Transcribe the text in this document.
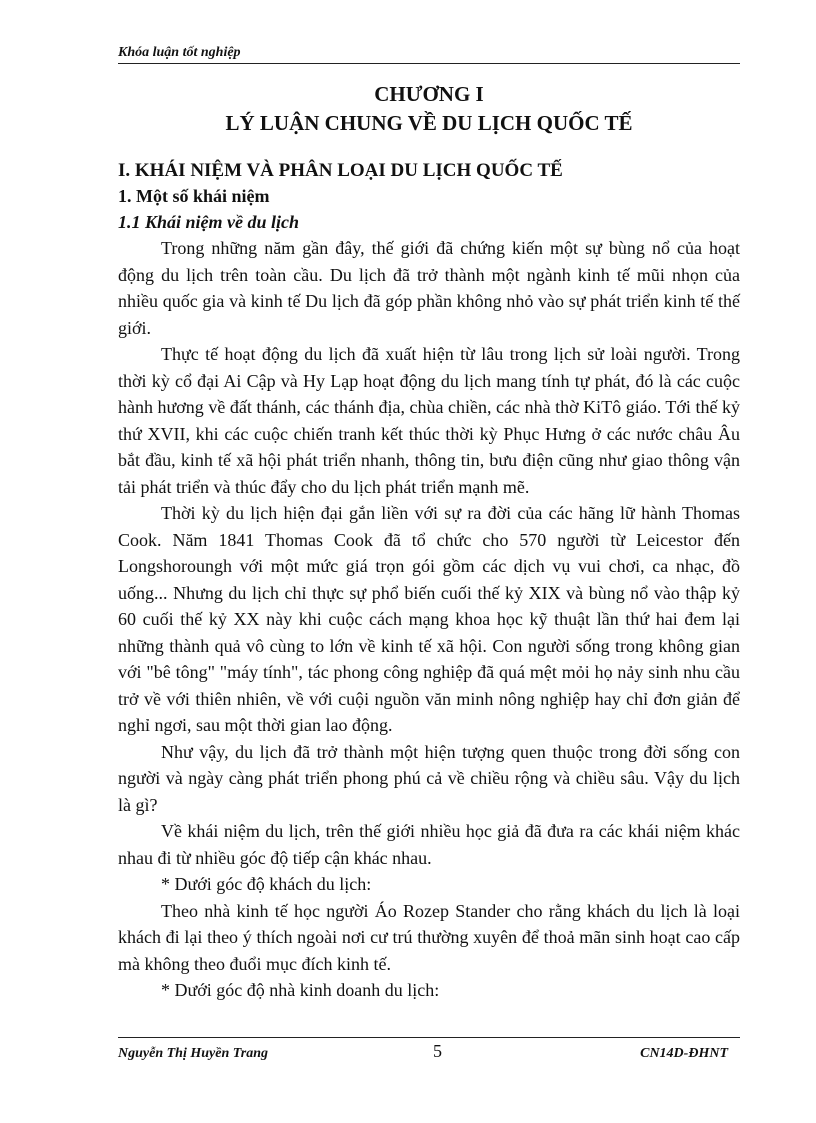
Khóa luận tốt nghiệp
CHƯƠNG I
LÝ LUẬN CHUNG VỀ DU LỊCH QUỐC TẾ
I. KHÁI NIỆM VÀ PHÂN LOẠI DU LỊCH QUỐC TẾ
1. Một số khái niệm
1.1 Khái niệm về du lịch

Trong những năm gần đây, thế giới đã chứng kiến một sự bùng nổ của hoạt động du lịch trên toàn cầu. Du lịch đã trở thành một ngành kinh tế mũi nhọn của nhiều quốc gia và kinh tế Du lịch đã góp phần không nhỏ vào sự phát triển kinh tế thế giới.

Thực tế hoạt động du lịch đã xuất hiện từ lâu trong lịch sử loài người. Trong thời kỳ cổ đại Ai Cập và Hy Lạp hoạt động du lịch mang tính tự phát, đó là các cuộc hành hương về đất thánh, các thánh địa, chùa chiền, các nhà thờ KiTô giáo. Tới thế kỷ thứ XVII, khi các cuộc chiến tranh kết thúc thời kỳ Phục Hưng ở các nước châu Âu bắt đầu, kinh tế xã hội phát triển nhanh, thông tin, bưu điện cũng như giao thông vận tải phát triển và thúc đẩy cho du lịch phát triển mạnh mẽ.

Thời kỳ du lịch hiện đại gắn liền với sự ra đời của các hãng lữ hành Thomas Cook. Năm 1841 Thomas Cook đã tổ chức cho 570 người từ Leicestor đến Longshoroungh với một mức giá trọn gói gồm các dịch vụ vui chơi, ca nhạc, đồ uống... Nhưng du lịch chỉ thực sự phổ biến cuối thế kỷ XIX và bùng nổ vào thập kỷ 60 cuối thế kỷ XX này khi cuộc cách mạng khoa học kỹ thuật lần thứ hai đem lại những thành quả vô cùng to lớn về kinh tế xã hội. Con người sống trong không gian với "bê tông" "máy tính", tác phong công nghiệp đã quá mệt mỏi họ nảy sinh nhu cầu trở về với thiên nhiên, về với cuội nguồn văn minh nông nghiệp hay chỉ đơn giản để nghỉ ngơi, sau một thời gian lao động.

Như vậy, du lịch đã trở thành một hiện tượng quen thuộc trong đời sống con người và ngày càng phát triển phong phú cả về chiều rộng và chiều sâu. Vậy du lịch là gì?

Về khái niệm du lịch, trên thế giới nhiều học giả đã đưa ra các khái niệm khác nhau đi từ nhiều góc độ tiếp cận khác nhau.

* Dưới góc độ khách du lịch:

Theo nhà kinh tế học người Áo Rozep Stander cho rằng khách du lịch là loại khách đi lại theo ý thích ngoài nơi cư trú thường xuyên để thoả mãn sinh hoạt cao cấp mà không theo đuổi mục đích kinh tế.

* Dưới góc độ nhà kinh doanh du lịch:

Nguyễn Thị Huyền Trang	5	CN14D-ĐHNT
